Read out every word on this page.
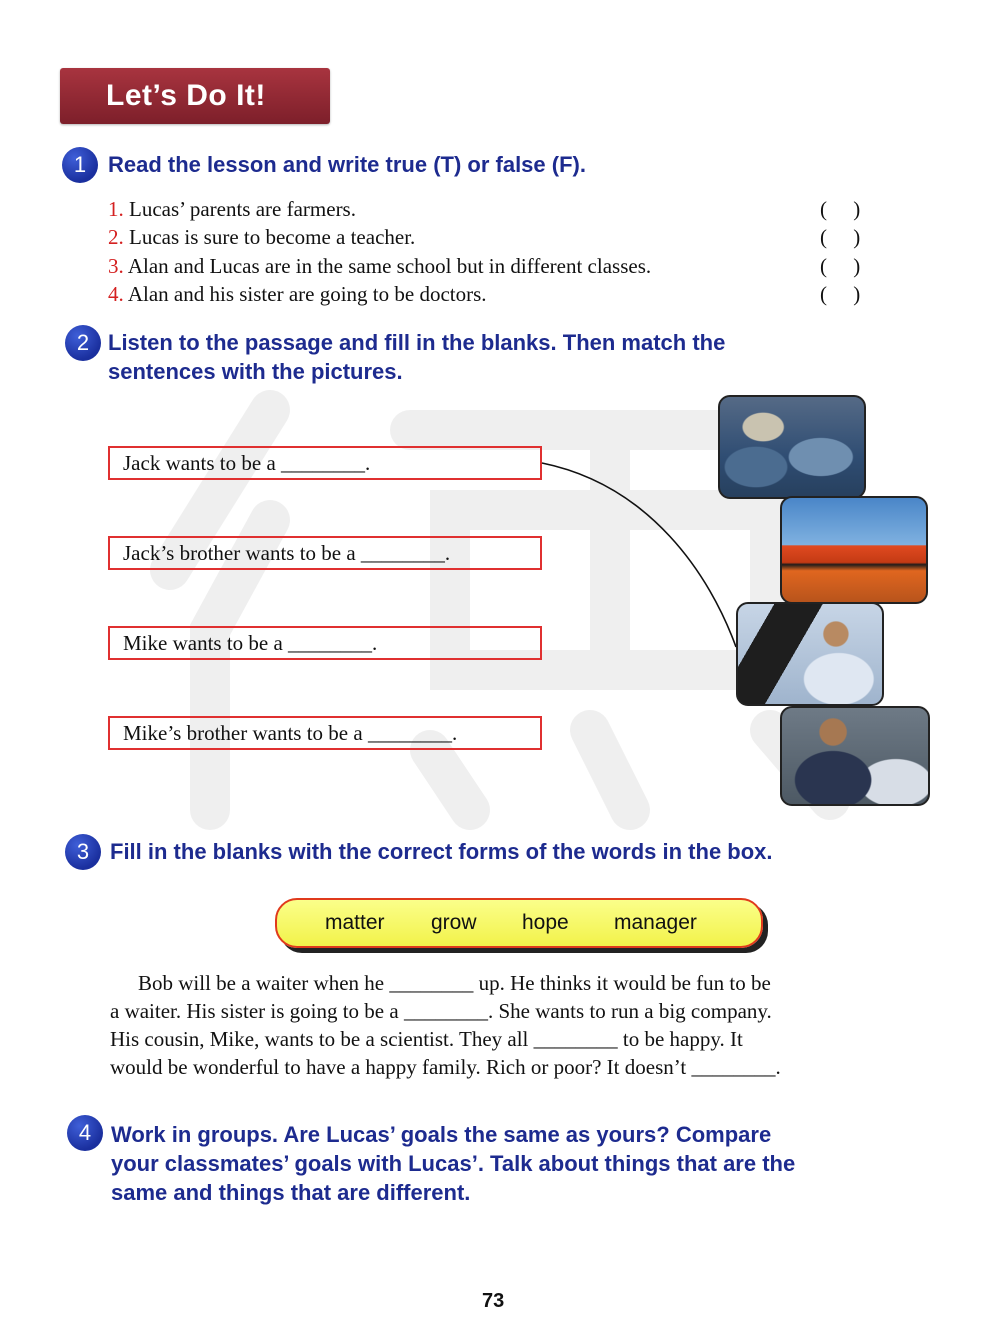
Let’s Do It!
1 Read the lesson and write true (T) or false (F).

1. Lucas’ parents are farmers.	(     )
2. Lucas is sure to become a teacher.	(     )
3. Alan and Lucas are in the same school but in different classes.	(     )
4. Alan and his sister are going to be doctors.	(     )
2 Listen to the passage and fill in the blanks. Then match the

sentences with the pictures.

Jack wants to be a ________.
Jack’s brother wants to be a ________.
Mike wants to be a ________.
Mike’s brother wants to be a ________.
3 Fill in the blanks with the correct forms of the words in the box.

matter grow hope manager
Bob will be a waiter when he ________ up. He thinks it would be fun to be
a waiter. His sister is going to be a ________. She wants to run a big company.
His cousin, Mike, wants to be a scientist. They all ________ to be happy. It
would be wonderful to have a happy family. Rich or poor? It doesn’t ________.
4 Work in groups. Are Lucas’ goals the same as yours? Compare

your classmates’ goals with Lucas’. Talk about things that are the

same and things that are different.

73
